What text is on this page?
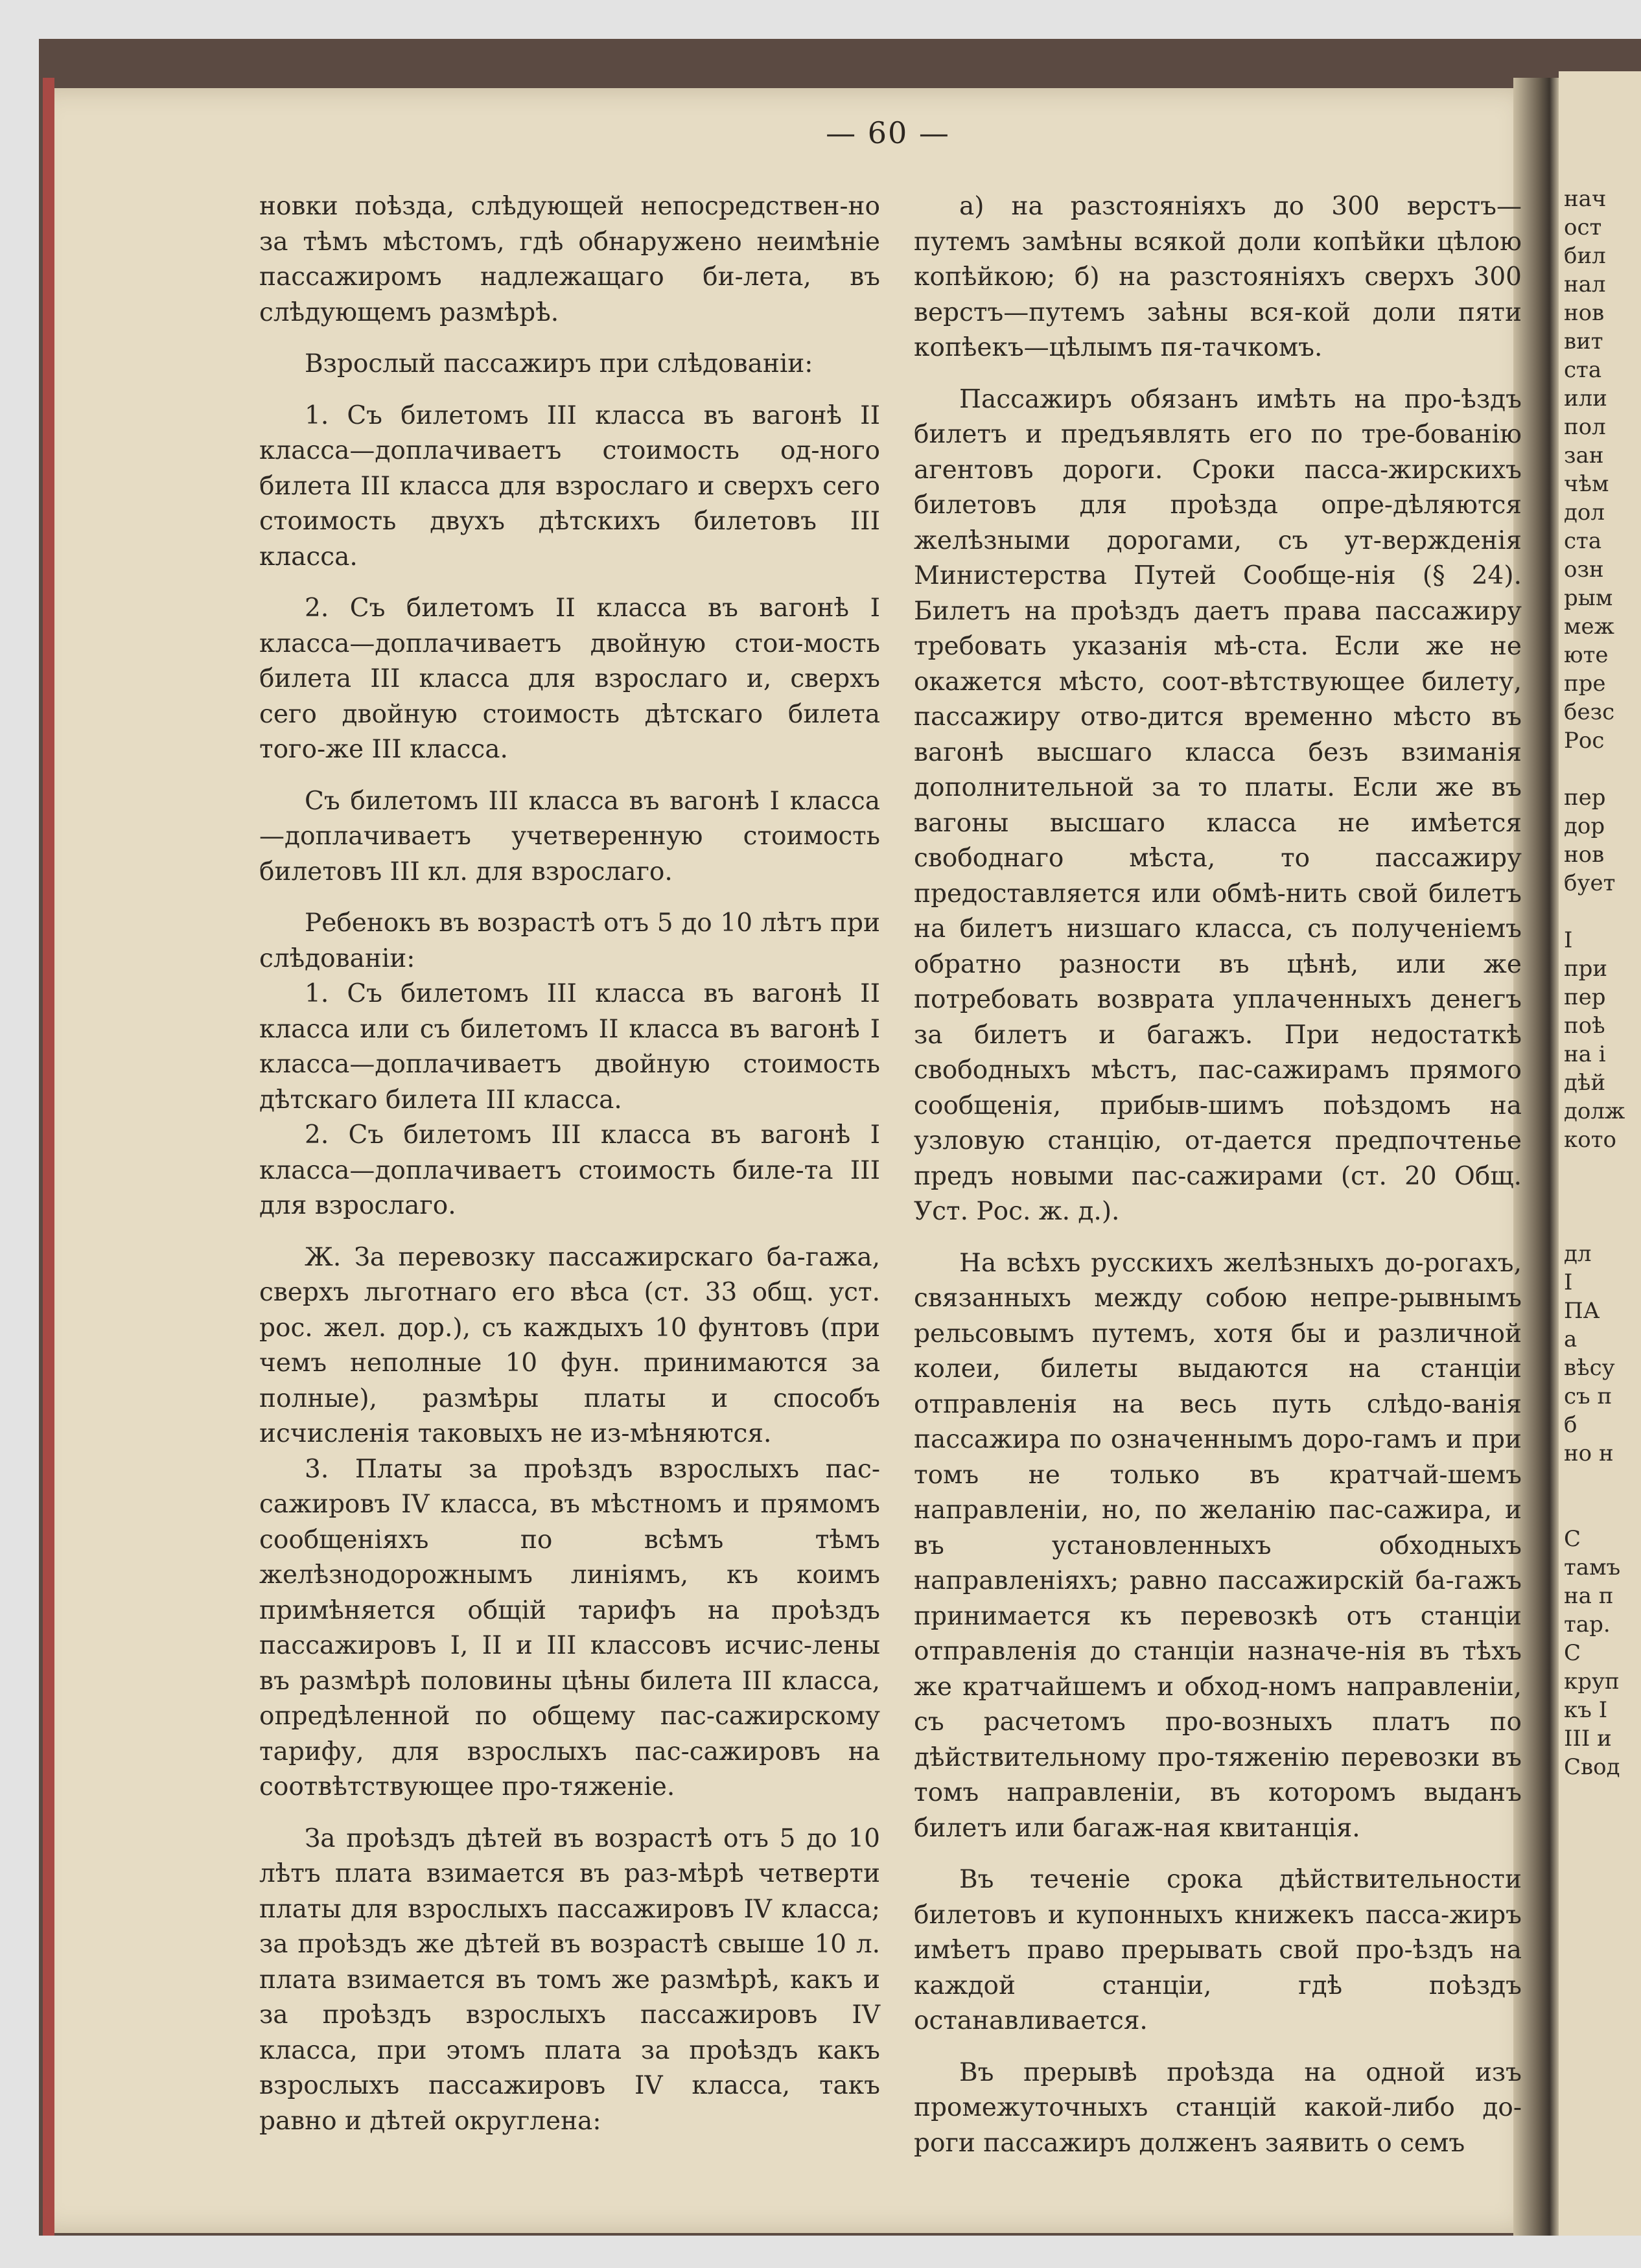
— 60 —

новки поѣзда, слѣдующей непосредствен-но за тѣмъ мѣстомъ, гдѣ обнаружено неимѣніе пассажиромъ надлежащаго би-лета, въ слѣдующемъ размѣрѣ.

Взрослый пассажиръ при слѣдованіи:

1. Съ билетомъ III класса въ вагонѣ II класса—доплачиваетъ стоимость од-ного билета III класса для взрослаго и сверхъ сего стоимость двухъ дѣтскихъ билетовъ III класса.

2. Съ билетомъ II класса въ вагонѣ I класса—доплачиваетъ двойную стои-мость билета III класса для взрослаго и, сверхъ сего двойную стоимость дѣтскаго билета того-же III класса.

Съ билетомъ III класса въ вагонѣ I класса—доплачиваетъ учетверенную стоимость билетовъ III кл. для взрослаго.

Ребенокъ въ возрастѣ отъ 5 до 10 лѣтъ при слѣдованіи:

1. Съ билетомъ III класса въ вагонѣ II класса или съ билетомъ II класса въ вагонѣ I класса—доплачиваетъ двойную стоимость дѣтскаго билета III класса.

2. Съ билетомъ III класса въ вагонѣ I класса—доплачиваетъ стоимость биле-та III для взрослаго.

Ж. За перевозку пассажирскаго ба-гажа, сверхъ льготнаго его вѣса (ст. 33 общ. уст. рос. жел. дор.), съ каждыхъ 10 фунтовъ (при чемъ неполные 10 фун. принимаются за полные), размѣры платы и способъ исчисленія таковыхъ не из-мѣняются.

3. Платы за проѣздъ взрослыхъ пас-сажировъ IV класса, въ мѣстномъ и прямомъ сообщеніяхъ по всѣмъ тѣмъ желѣзнодорожнымъ линіямъ, къ коимъ примѣняется общій тарифъ на проѣздъ пассажировъ I, II и III классовъ исчис-лены въ размѣрѣ половины цѣны билета III класса, опредѣленной по общему пас-сажирскому тарифу, для взрослыхъ пас-сажировъ на соотвѣтствующее про-тяженіе.

За проѣздъ дѣтей въ возрастѣ отъ 5 до 10 лѣтъ плата взимается въ раз-мѣрѣ четверти платы для взрослыхъ пассажировъ IV класса; за проѣздъ же дѣтей въ возрастѣ свыше 10 л. плата взимается въ томъ же размѣрѣ, какъ и за проѣздъ взрослыхъ пассажировъ IV класса, при этомъ плата за проѣздъ какъ взрослыхъ пассажировъ IV класса, такъ равно и дѣтей округлена:

а) на разстояніяхъ до 300 верстъ— путемъ замѣны всякой доли копѣйки цѣлою копѣйкою; б) на разстояніяхъ сверхъ 300 верстъ—путемъ заѣны вся-кой доли пяти копѣекъ—цѣлымъ пя-тачкомъ.

Пассажиръ обязанъ имѣть на про-ѣздъ билетъ и предъявлять его по тре-бованію агентовъ дороги. Сроки пасса-жирскихъ билетовъ для проѣзда опре-дѣляются желѣзными дорогами, съ ут-вержденія Министерства Путей Сообще-нія (§ 24). Билетъ на проѣздъ даетъ права пассажиру требовать указанія мѣ-ста. Если же не окажется мѣсто, соот-вѣтствующее билету, пассажиру отво-дится временно мѣсто въ вагонѣ высшаго класса безъ взиманія дополнительной за то платы. Если же въ вагоны высшаго класса не имѣется свободнаго мѣста, то пассажиру предоставляется или обмѣ-нить свой билетъ на билетъ низшаго класса, съ полученіемъ обратно разности въ цѣнѣ, или же потребовать возврата уплаченныхъ денегъ за билетъ и багажъ. При недостаткѣ свободныхъ мѣстъ, пас-сажирамъ прямого сообщенія, прибыв-шимъ поѣздомъ на узловую станцію, от-дается предпочтенье предъ новыми пас-сажирами (ст. 20 Общ. Уст. Рос. ж. д.).

На всѣхъ русскихъ желѣзныхъ до-рогахъ, связанныхъ между собою непре-рывнымъ рельсовымъ путемъ, хотя бы и различной колеи, билеты выдаются на станціи отправленія на весь путь слѣдо-ванія пассажира по означеннымъ доро-гамъ и при томъ не только въ кратчай-шемъ направленіи, но, по желанію пас-сажира, и въ установленныхъ обходныхъ направленіяхъ; равно пассажирскій ба-гажъ принимается къ перевозкѣ отъ станціи отправленія до станціи назначе-нія въ тѣхъ же кратчайшемъ и обход-номъ направленіи, съ расчетомъ про-возныхъ платъ по дѣйствительному про-тяженію перевозки въ томъ направленіи, въ которомъ выданъ билетъ или багаж-ная квитанція.

Въ теченіе срока дѣйствительности билетовъ и купонныхъ книжекъ пасса-жиръ имѣетъ право прерывать свой про-ѣздъ на каждой станціи, гдѣ поѣздъ останавливается.

Въ прерывѣ проѣзда на одной изъ промежуточныхъ станцій какой-либо до-роги пассажиръ долженъ заявить о семъ

нач
ост
бил
нал
нов
вит
ста
или
пол
зан
чѣм
дол
ста
озн
рым
меж
юте
пре
безс
Рос

пер
дор
нов
бует

І
при
пер
поѣ
на і
дѣй
долж
кото

дл
І
ПА
а
вѣсу
съ п
б
но н

С
тамъ
на п
тар.
С
круп
къ I
III и
Свод
